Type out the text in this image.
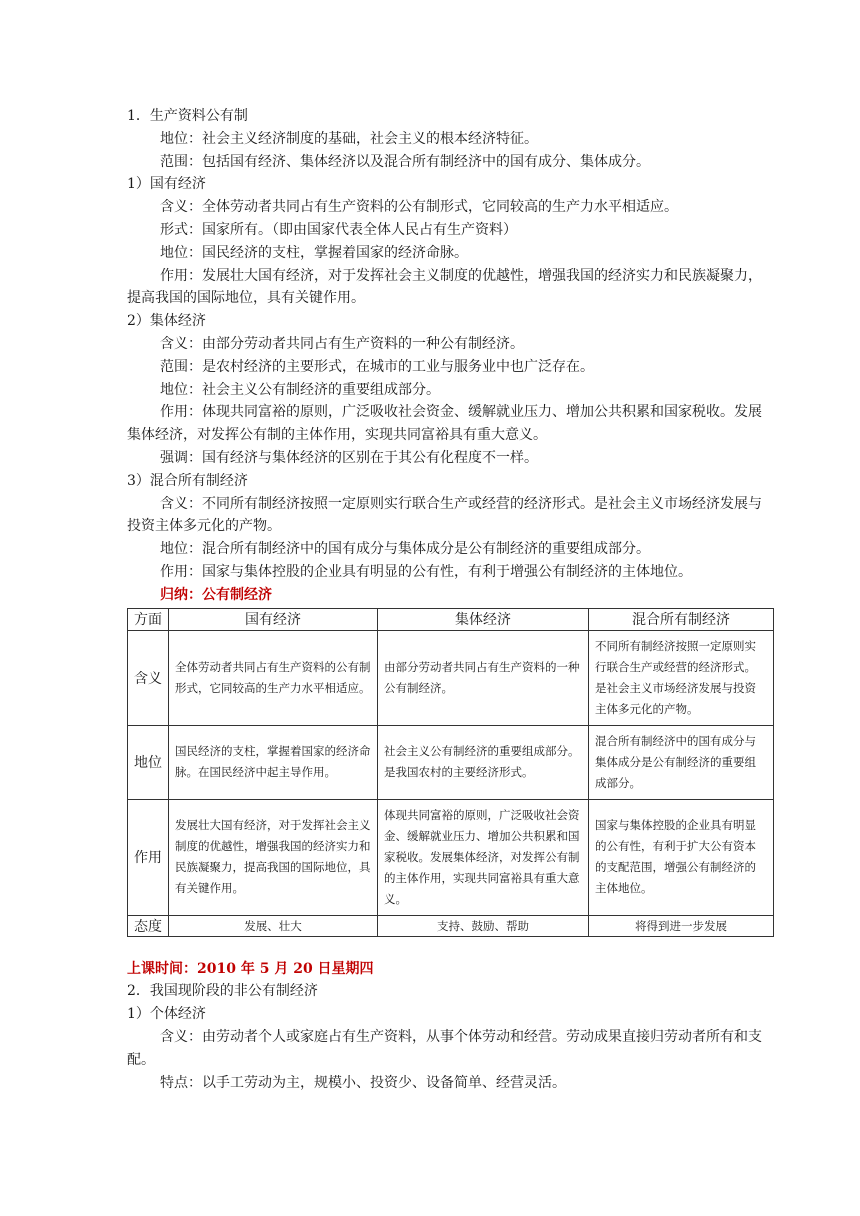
1．生产资料公有制

地位：社会主义经济制度的基础，社会主义的根本经济特征。

范围：包括国有经济、集体经济以及混合所有制经济中的国有成分、集体成分。

1）国有经济

含义：全体劳动者共同占有生产资料的公有制形式，它同较高的生产力水平相适应。

形式：国家所有。（即由国家代表全体人民占有生产资料）

地位：国民经济的支柱，掌握着国家的经济命脉。

作用：发展壮大国有经济，对于发挥社会主义制度的优越性，增强我国的经济实力和民族凝聚力，提高我国的国际地位，具有关键作用。

2）集体经济

含义：由部分劳动者共同占有生产资料的一种公有制经济。

范围：是农村经济的主要形式，在城市的工业与服务业中也广泛存在。

地位：社会主义公有制经济的重要组成部分。

作用：体现共同富裕的原则，广泛吸收社会资金、缓解就业压力、增加公共积累和国家税收。发展集体经济，对发挥公有制的主体作用，实现共同富裕具有重大意义。

强调：国有经济与集体经济的区别在于其公有化程度不一样。

3）混合所有制经济

含义：不同所有制经济按照一定原则实行联合生产或经营的经济形式。是社会主义市场经济发展与投资主体多元化的产物。

地位：混合所有制经济中的国有成分与集体成分是公有制经济的重要组成部分。

作用：国家与集体控股的企业具有明显的公有性，有利于增强公有制经济的主体地位。

归纳：公有制经济

方面	国有经济	集体经济	混合所有制经济
含义	全体劳动者共同占有生产资料的公有制形式，它同较高的生产力水平相适应。	由部分劳动者共同占有生产资料的一种公有制经济。	不同所有制经济按照一定原则实行联合生产或经营的经济形式。是社会主义市场经济发展与投资主体多元化的产物。
地位	国民经济的支柱，掌握着国家的经济命脉。在国民经济中起主导作用。	社会主义公有制经济的重要组成部分。是我国农村的主要经济形式。	混合所有制经济中的国有成分与集体成分是公有制经济的重要组成部分。
作用	发展壮大国有经济，对于发挥社会主义制度的优越性，增强我国的经济实力和民族凝聚力，提高我国的国际地位，具有关键作用。	体现共同富裕的原则，广泛吸收社会资金、缓解就业压力、增加公共积累和国家税收。发展集体经济，对发挥公有制的主体作用，实现共同富裕具有重大意义。	国家与集体控股的企业具有明显的公有性，有利于扩大公有资本的支配范围，增强公有制经济的主体地位。
态度	发展、壮大	支持、鼓励、帮助	将得到进一步发展

上课时间：2010 年 5 月 20 日星期四

2．我国现阶段的非公有制经济

1）个体经济

含义：由劳动者个人或家庭占有生产资料，从事个体劳动和经营。劳动成果直接归劳动者所有和支配。

特点：以手工劳动为主，规模小、投资少、设备简单、经营灵活。
